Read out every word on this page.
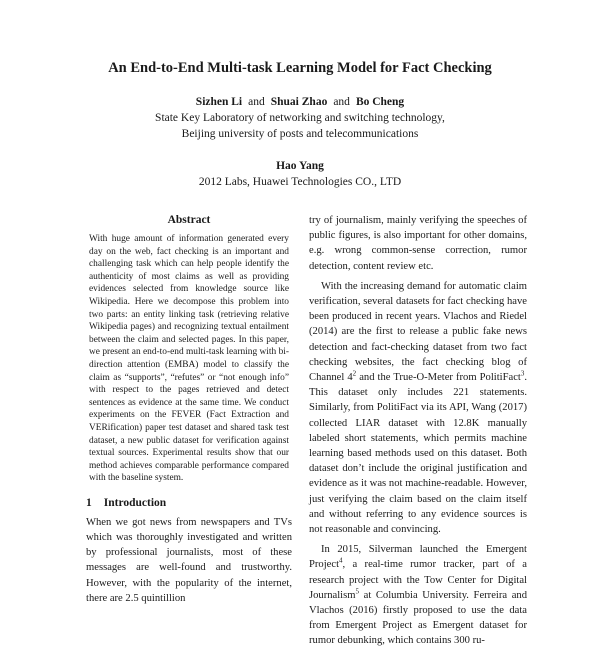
An End-to-End Multi-task Learning Model for Fact Checking
Sizhen Li and Shuai Zhao and Bo Cheng
State Key Laboratory of networking and switching technology,
Beijing university of posts and telecommunications
Hao Yang
2012 Labs, Huawei Technologies CO., LTD
Abstract

With huge amount of information generated every day on the web, fact checking is an important and challenging task which can help people identify the authenticity of most claims as well as providing evidences selected from knowledge source like Wikipedia. Here we decompose this problem into two parts: an entity linking task (retrieving relative Wikipedia pages) and recognizing textual entailment between the claim and selected pages. In this paper, we present an end-to-end multi-task learning with bi-direction attention (EMBA) model to classify the claim as “supports”, “refutes” or “not enough info” with respect to the pages retrieved and detect sentences as evidence at the same time. We conduct experiments on the FEVER (Fact Extraction and VERification) paper test dataset and shared task test dataset, a new public dataset for verification against textual sources. Experimental results show that our method achieves comparable performance compared with the baseline system.

1 Introduction

When we got news from newspapers and TVs which was thoroughly investigated and written by professional journalists, most of these messages are well-found and trustworthy. However, with the popularity of the internet, there are 2.5 quintillion

try of journalism, mainly verifying the speeches of public figures, is also important for other domains, e.g. wrong common-sense correction, rumor detection, content review etc.

With the increasing demand for automatic claim verification, several datasets for fact checking have been produced in recent years. Vlachos and Riedel (2014) are the first to release a public fake news detection and fact-checking dataset from two fact checking websites, the fact checking blog of Channel $4^2$ and the True-O-Meter from PolitiFact$^3$. This dataset only includes 221 statements. Similarly, from PolitiFact via its API, Wang (2017) collected LIAR dataset with 12.8K manually labeled short statements, which permits machine learning based methods used on this dataset. Both dataset don’t include the original justification and evidence as it was not machine-readable. However, just verifying the claim based on the claim itself and without referring to any evidence sources is not reasonable and convincing.

In 2015, Silverman launched the Emergent Project$^4$, a real-time rumor tracker, part of a research project with the Tow Center for Digital Journalism$^5$ at Columbia University. Ferreira and Vlachos (2016) firstly proposed to use the data from Emergent Project as Emergent dataset for rumor debunking, which contains 300 ru-
